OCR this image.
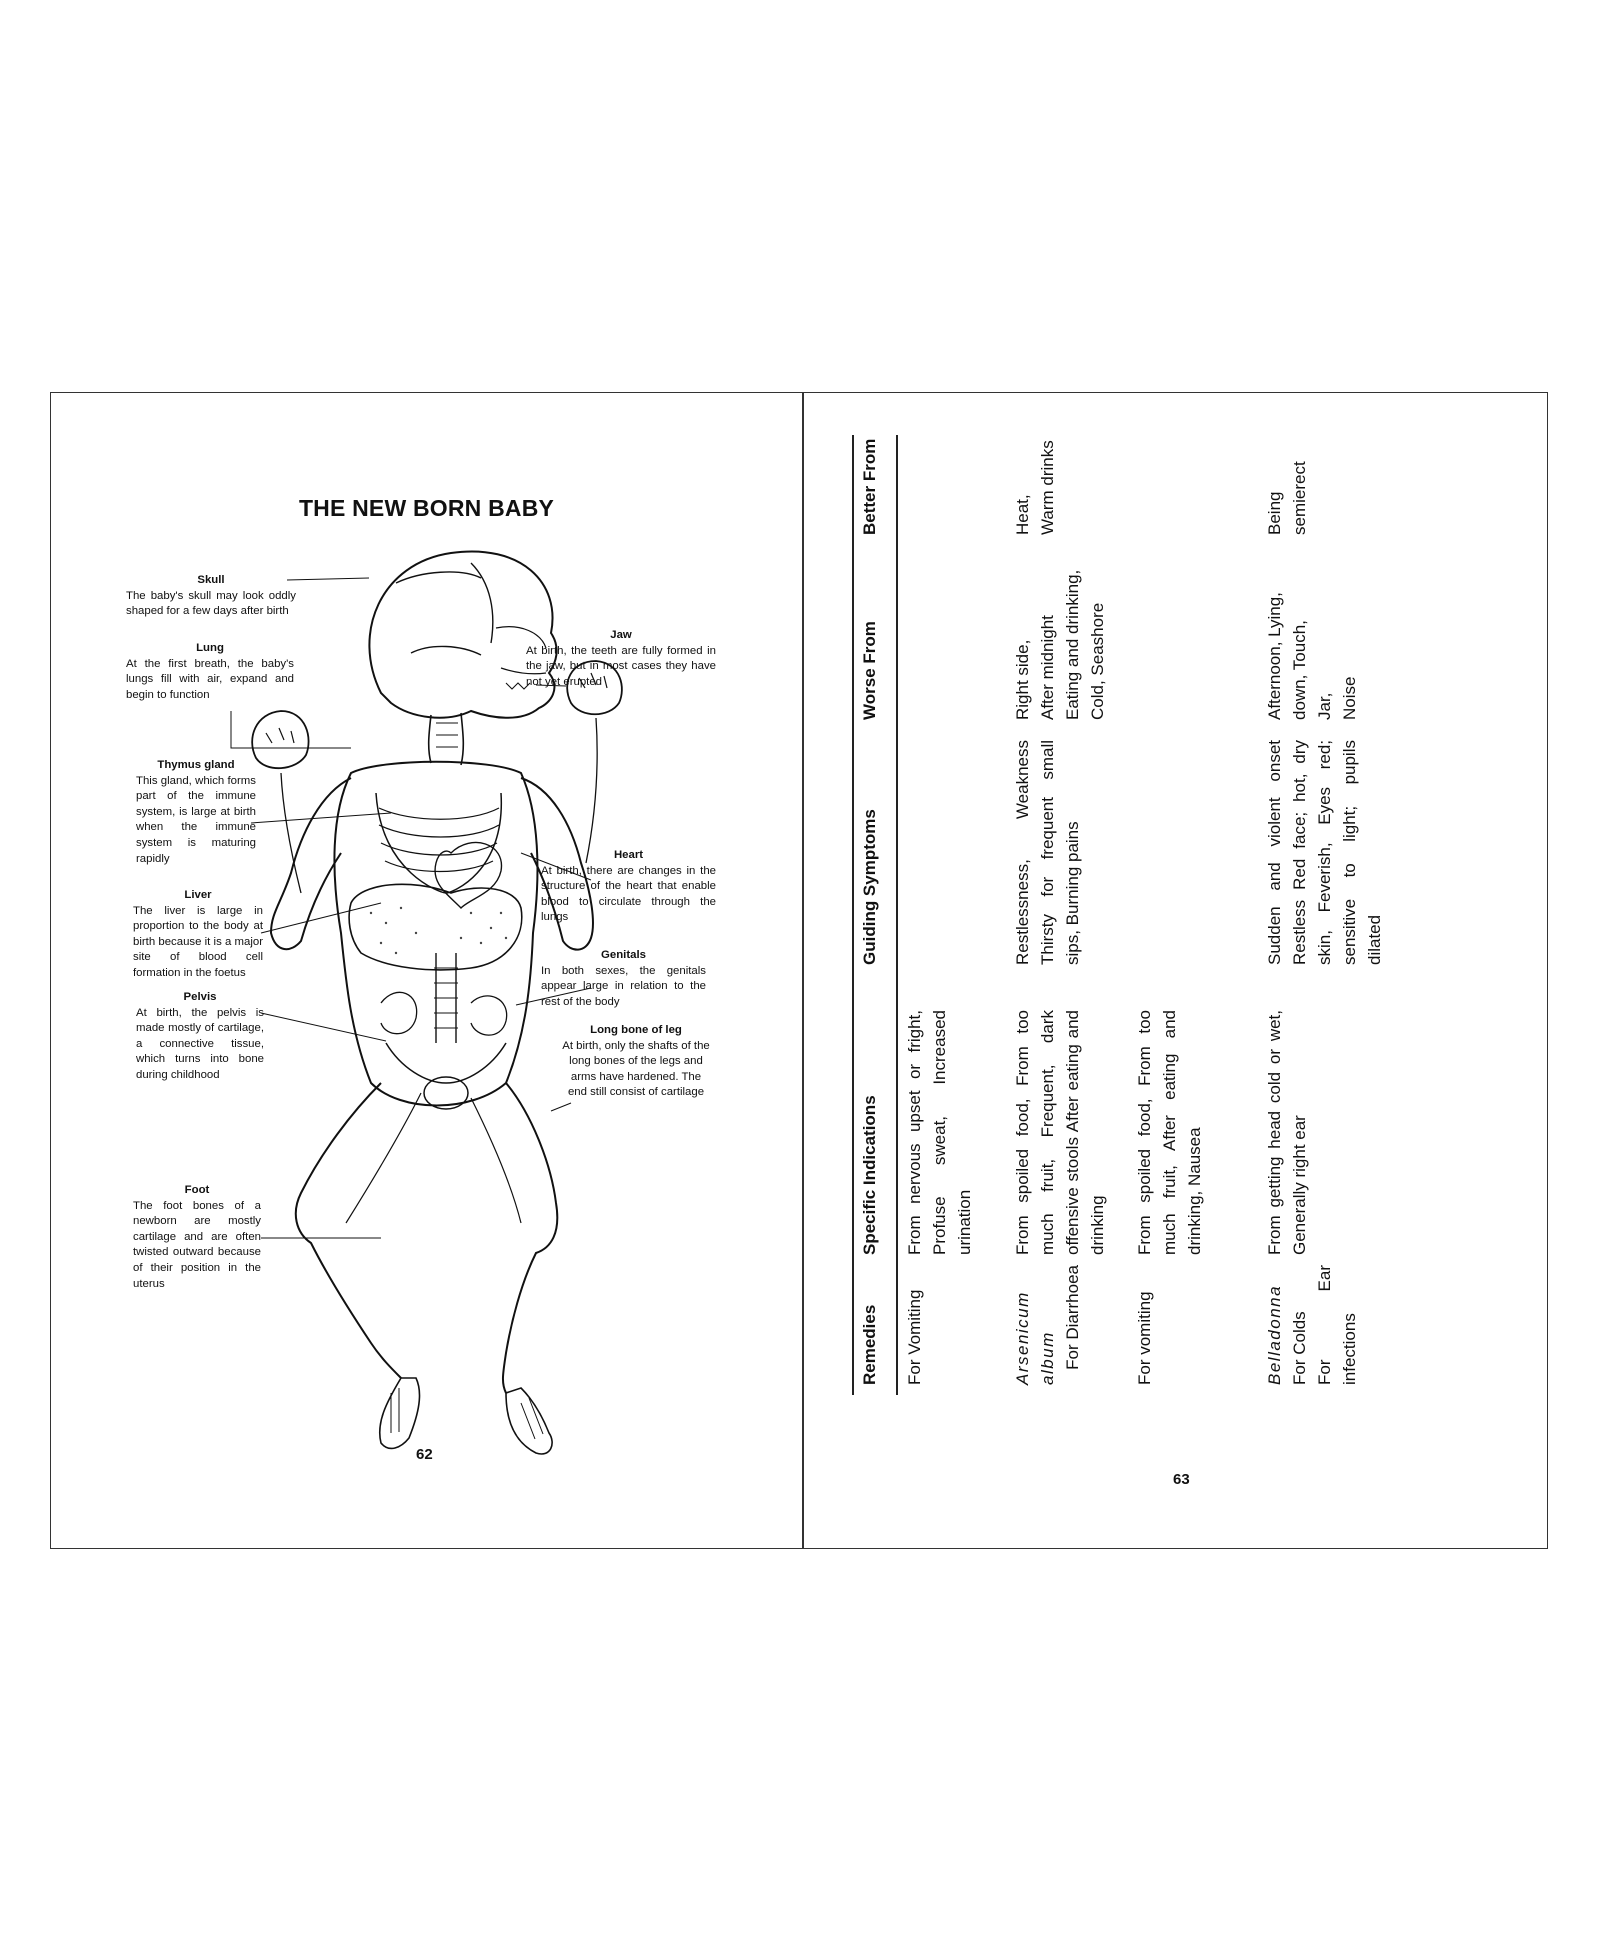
THE NEW BORN BABY
Skull
The baby's skull may look oddly shaped for a few days after birth
Lung
At the first breath, the baby's lungs fill with air, expand and begin to function
Thymus gland
This gland, which forms part of the immune system, is large at birth when the immune system is maturing rapidly
Liver
The liver is large in proportion to the body at birth because it is a major site of blood cell formation in the foetus
Pelvis
At birth, the pelvis is made mostly of cartilage, a connective tissue, which turns into bone during childhood
Foot
The foot bones of a newborn are mostly cartilage and are often twisted outward because of their position in the uterus
Jaw
At birth, the teeth are fully formed in the jaw, but in most cases they have not yet erupted
Heart
At birth, there are changes in the structure of the heart that enable blood to circulate through the lungs
Genitals
In both sexes, the genitals appear large in relation to the rest of the body
Long bone of leg
At birth, only the shafts of the long bones of the legs and arms have hardened. The end still consist of cartilage
62
63
Remedies
Specific Indications
Guiding Symptoms
Worse From
Better From
For Vomiting
From nervous upset or fright, Profuse sweat, Increased urination
Arsenicum album For Diarrhoea
From spoiled food, From too much fruit, Frequent, dark offensive stools After eating and drinking
Restlessness, Weakness Thirsty for frequent small sips, Burning pains
Right side, After midnight Eating and drinking, Cold, Seashore
Heat, Warm drinks
For vomiting
From spoiled food, From too much fruit, After eating and drinking, Nausea
Belladonna For Colds For Ear infections
From getting head cold or wet, Generally right ear
Sudden and violent onset Restless Red face; hot, dry skin, Feverish, Eyes red; sensitive to light; pupils dilated
Afternoon, Lying, down, Touch, Jar, Noise
Being semierect
